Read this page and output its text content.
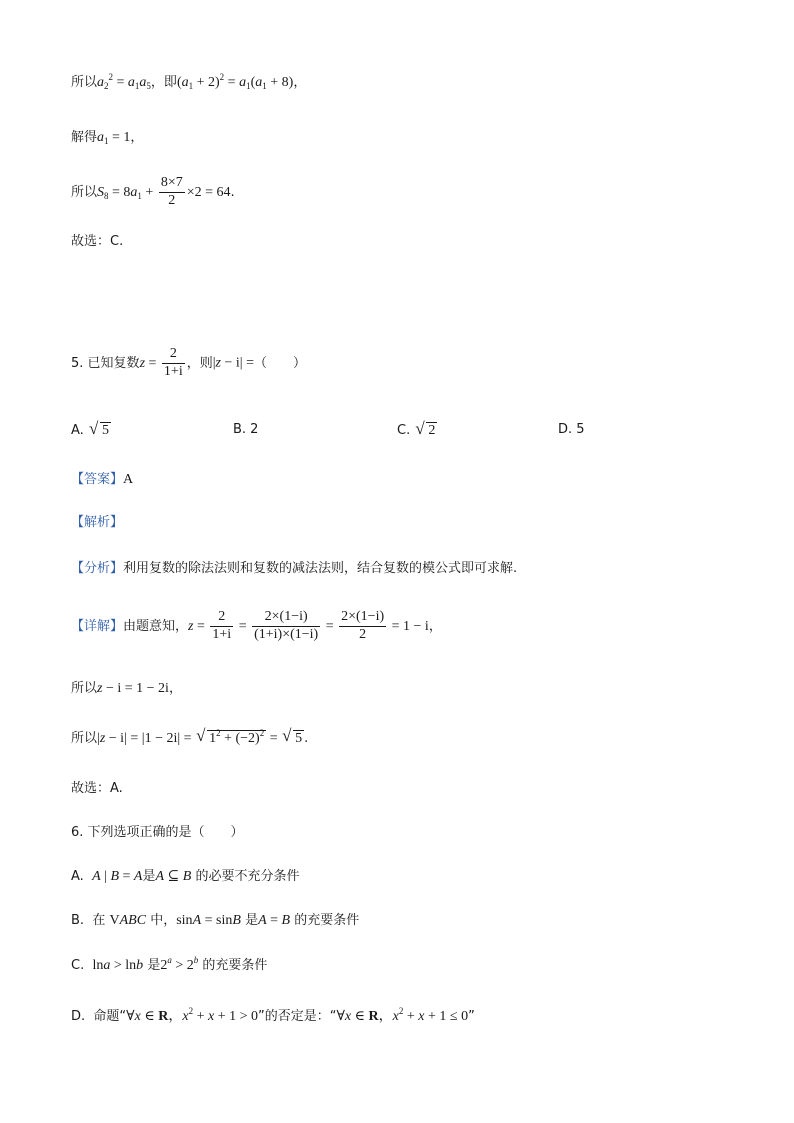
所以$a_2^2 = a_1a_5$，即$(a_1 + 2)^2 = a_1(a_1 + 8)$，
解得$a_1 = 1$，
所以$S_8 = 8a_1 + \frac{8\times 7}{2} \times 2 = 64$.
故选：C.
5. 已知复数$z = \frac{2}{1+i}$ ，则|z − i| =（　　）
A. √ 5	B. 2	C. √ 2	D. 5
【答案】A
【解析】
【分析】利用复数的除法法则和复数的减法法则，结合复数的模公式即可求解.
【详解】由题意知，$z = \frac{2}{1+i} = \frac{2\times(1-i)}{(1+i)\times(1-i)} = \frac{2\times(1-i)}{2} = 1 - i$，
所以z − i = 1 − 2i，
所以|z − i| = |1 − 2i| = √ $1^2 + (-2)^2$ = √ 5 .
故选：A.
6. 下列选项正确的是（　　）
A. A | B = A是A ⊆ B 的必要不充分条件
B. 在 VABC 中，sinA = sinB 是A = B 的充要条件
C. lna > lnb 是$2^a > 2^b$ 的充要条件
D. 命题“∀x ∈ R，$x^2 + x + 1 > 0$”的否定是：“∀x ∈ R，$x^2 + x + 1 \le 0$”
